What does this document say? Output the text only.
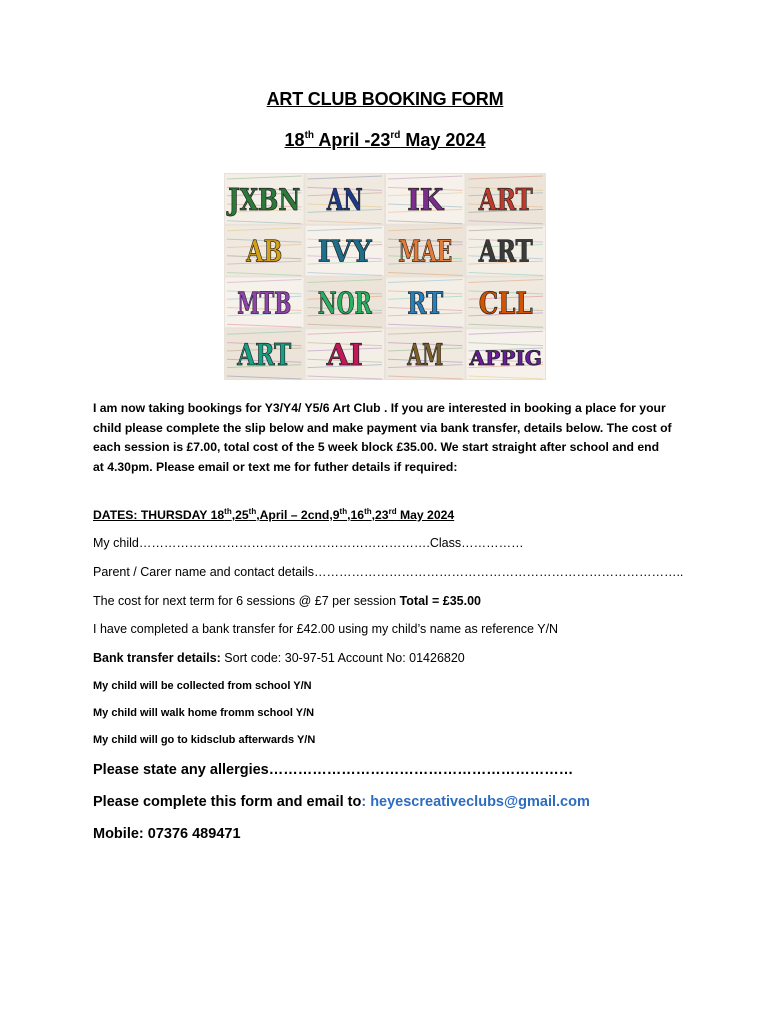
ART CLUB BOOKING FORM
18th April -23rd May 2024
JXBN AN IK ART
AB IVY MAE ART
MTB NOR RT CLL
ART AI AM APPIG
I am now taking bookings for Y3/Y4/ Y5/6 Art Club . If you are interested in booking a place for your child please complete the slip below and make payment via bank transfer, details below. The cost of each session is £7.00, total cost of the 5 week block £35.00. We start straight after school and end at 4.30pm. Please email or text me for futher details if required:
DATES: THURSDAY 18th,25th,April – 2cnd,9th,16th,23rd May 2024
My child…………………………………………………………….Class……………
Parent / Carer name and contact details……………………………………………………………………………..
The cost for next term for 6 sessions @ £7 per session Total = £35.00
I have completed a bank transfer for £42.00 using my child’s name as reference Y/N
Bank transfer details: Sort code: 30-97-51 Account No: 01426820
My child will be collected from school Y/N
My child will walk home fromm school Y/N
My child will go to kidsclub afterwards Y/N
Please state any allergies………………………………………………………
Please complete this form and email to: heyescreativeclubs@gmail.com
Mobile: 07376 489471
